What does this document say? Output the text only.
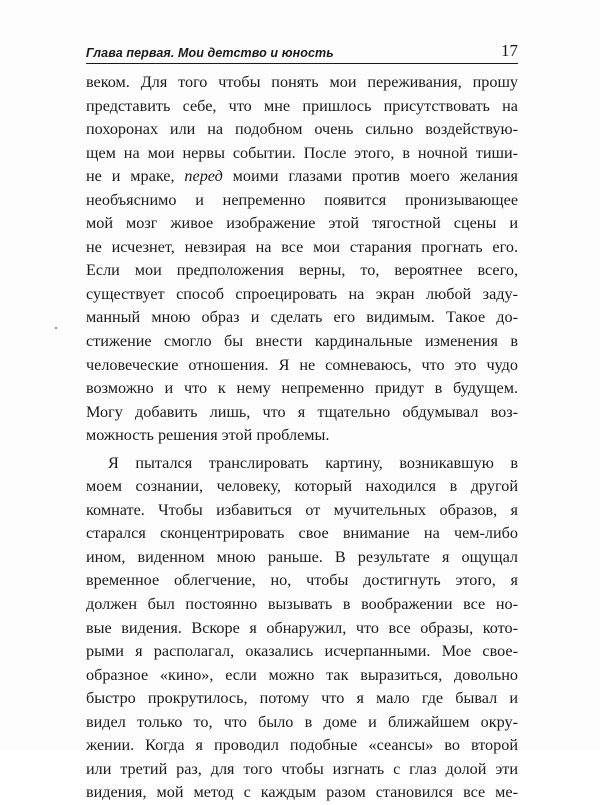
Глава первая. Мои детство и юность	17
веком. Для того чтобы понять мои переживания, прошу
представить себе, что мне пришлось присутствовать на
похоронах или на подобном очень сильно воздействую-
щем на мои нервы событии. После этого, в ночной тиши-
не и мраке, перед моими глазами против моего желания
необъяснимо и непременно появится пронизывающее
мой мозг живое изображение этой тягостной сцены и
не исчезнет, невзирая на все мои старания прогнать его.
Если мои предположения верны, то, вероятнее всего,
существует способ спроецировать на экран любой заду-
манный мною образ и сделать его видимым. Такое до-
стижение смогло бы внести кардинальные изменения в
человеческие отношения. Я не сомневаюсь, что это чудо
возможно и что к нему непременно придут в будущем.
Могу добавить лишь, что я тщательно обдумывал воз-
можность решения этой проблемы.
Я пытался транслировать картину, возникавшую в
моем сознании, человеку, который находился в другой
комнате. Чтобы избавиться от мучительных образов, я
старался сконцентрировать свое внимание на чем-либо
ином, виденном мною раньше. В результате я ощущал
временное облегчение, но, чтобы достигнуть этого, я
должен был постоянно вызывать в воображении все но-
вые видения. Вскоре я обнаружил, что все образы, кото-
рыми я располагал, оказались исчерпанными. Мое свое-
образное «кино», если можно так выразиться, довольно
быстро прокрутилось, потому что я мало где бывал и
видел только то, что было в доме и ближайшем окру-
жении. Когда я проводил подобные «сеансы» во второй
или третий раз, для того чтобы изгнать с глаз долой эти
видения, мой метод с каждым разом становился все ме-
